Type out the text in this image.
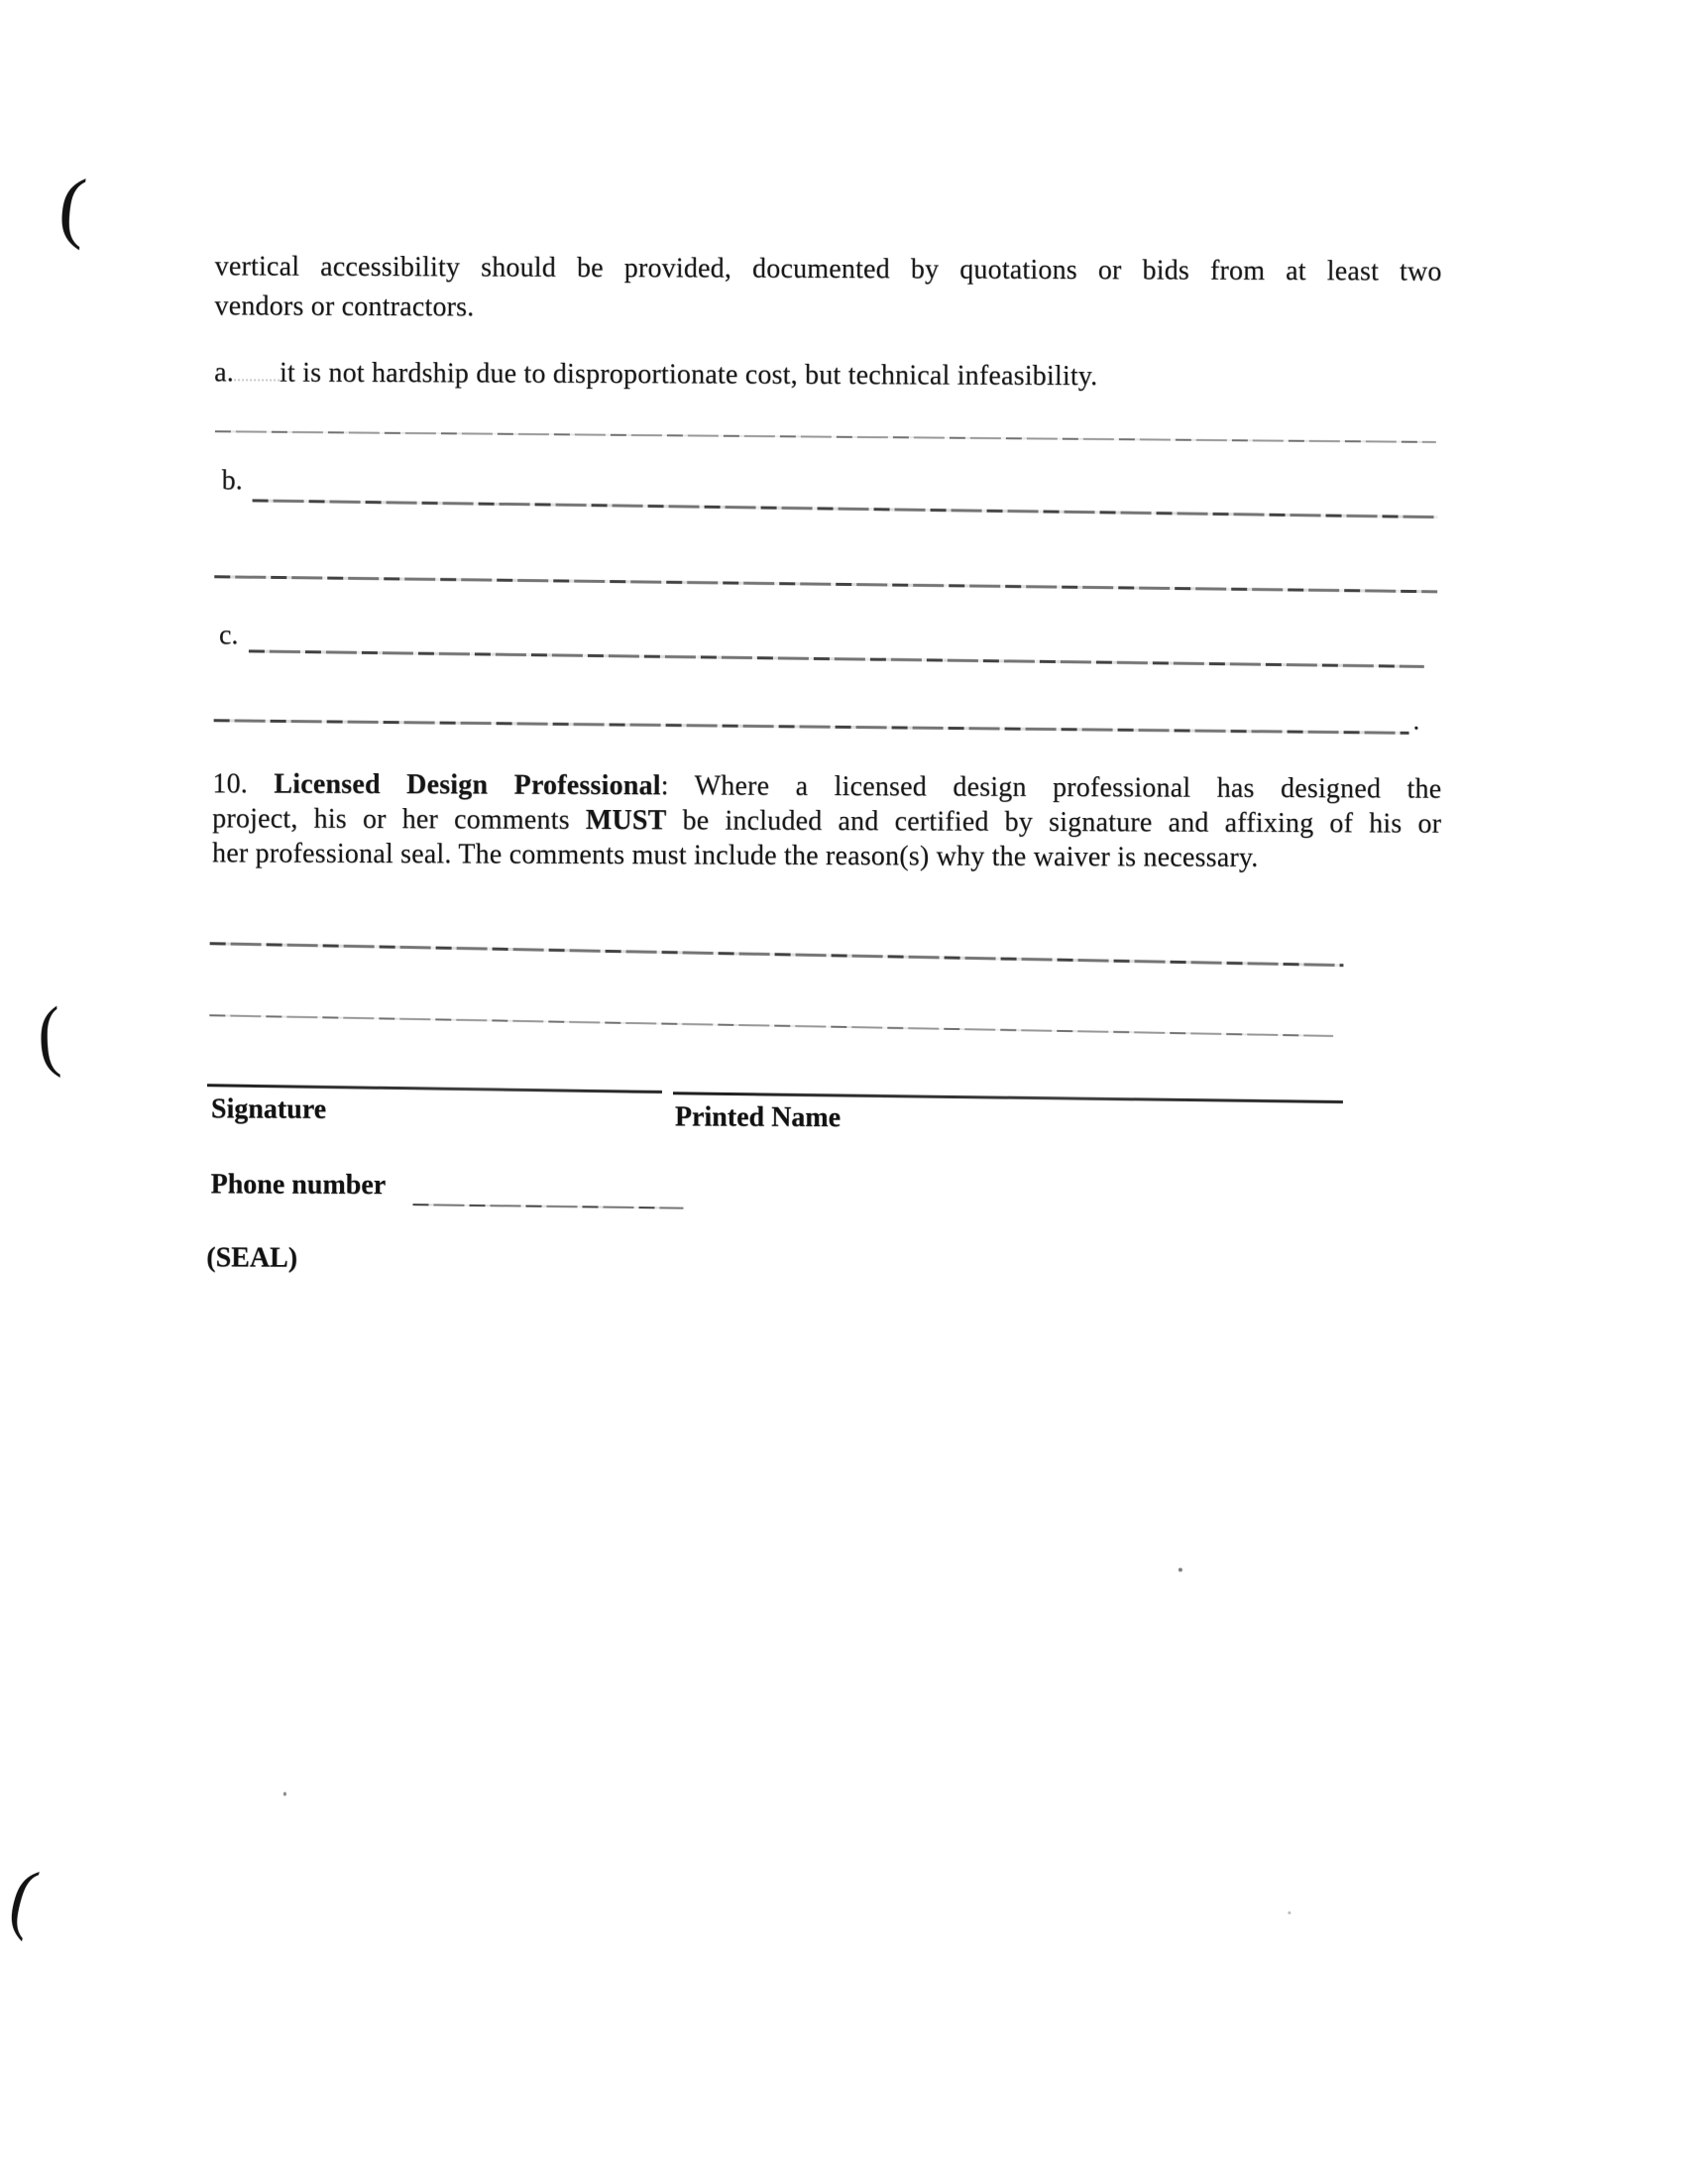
(
(
(
vertical accessibility should be provided, documented by quotations or bids from at least two
vendors or contractors.
a. it is not hardship due to disproportionate cost, but technical infeasibility.
b.
c.
.
10. Licensed Design Professional: Where a licensed design professional has designed the
project, his or her comments MUST be included and certified by signature and affixing of his or
her professional seal. The comments must include the reason(s) why the waiver is necessary.
Signature	Printed Name
Phone number
(SEAL)
